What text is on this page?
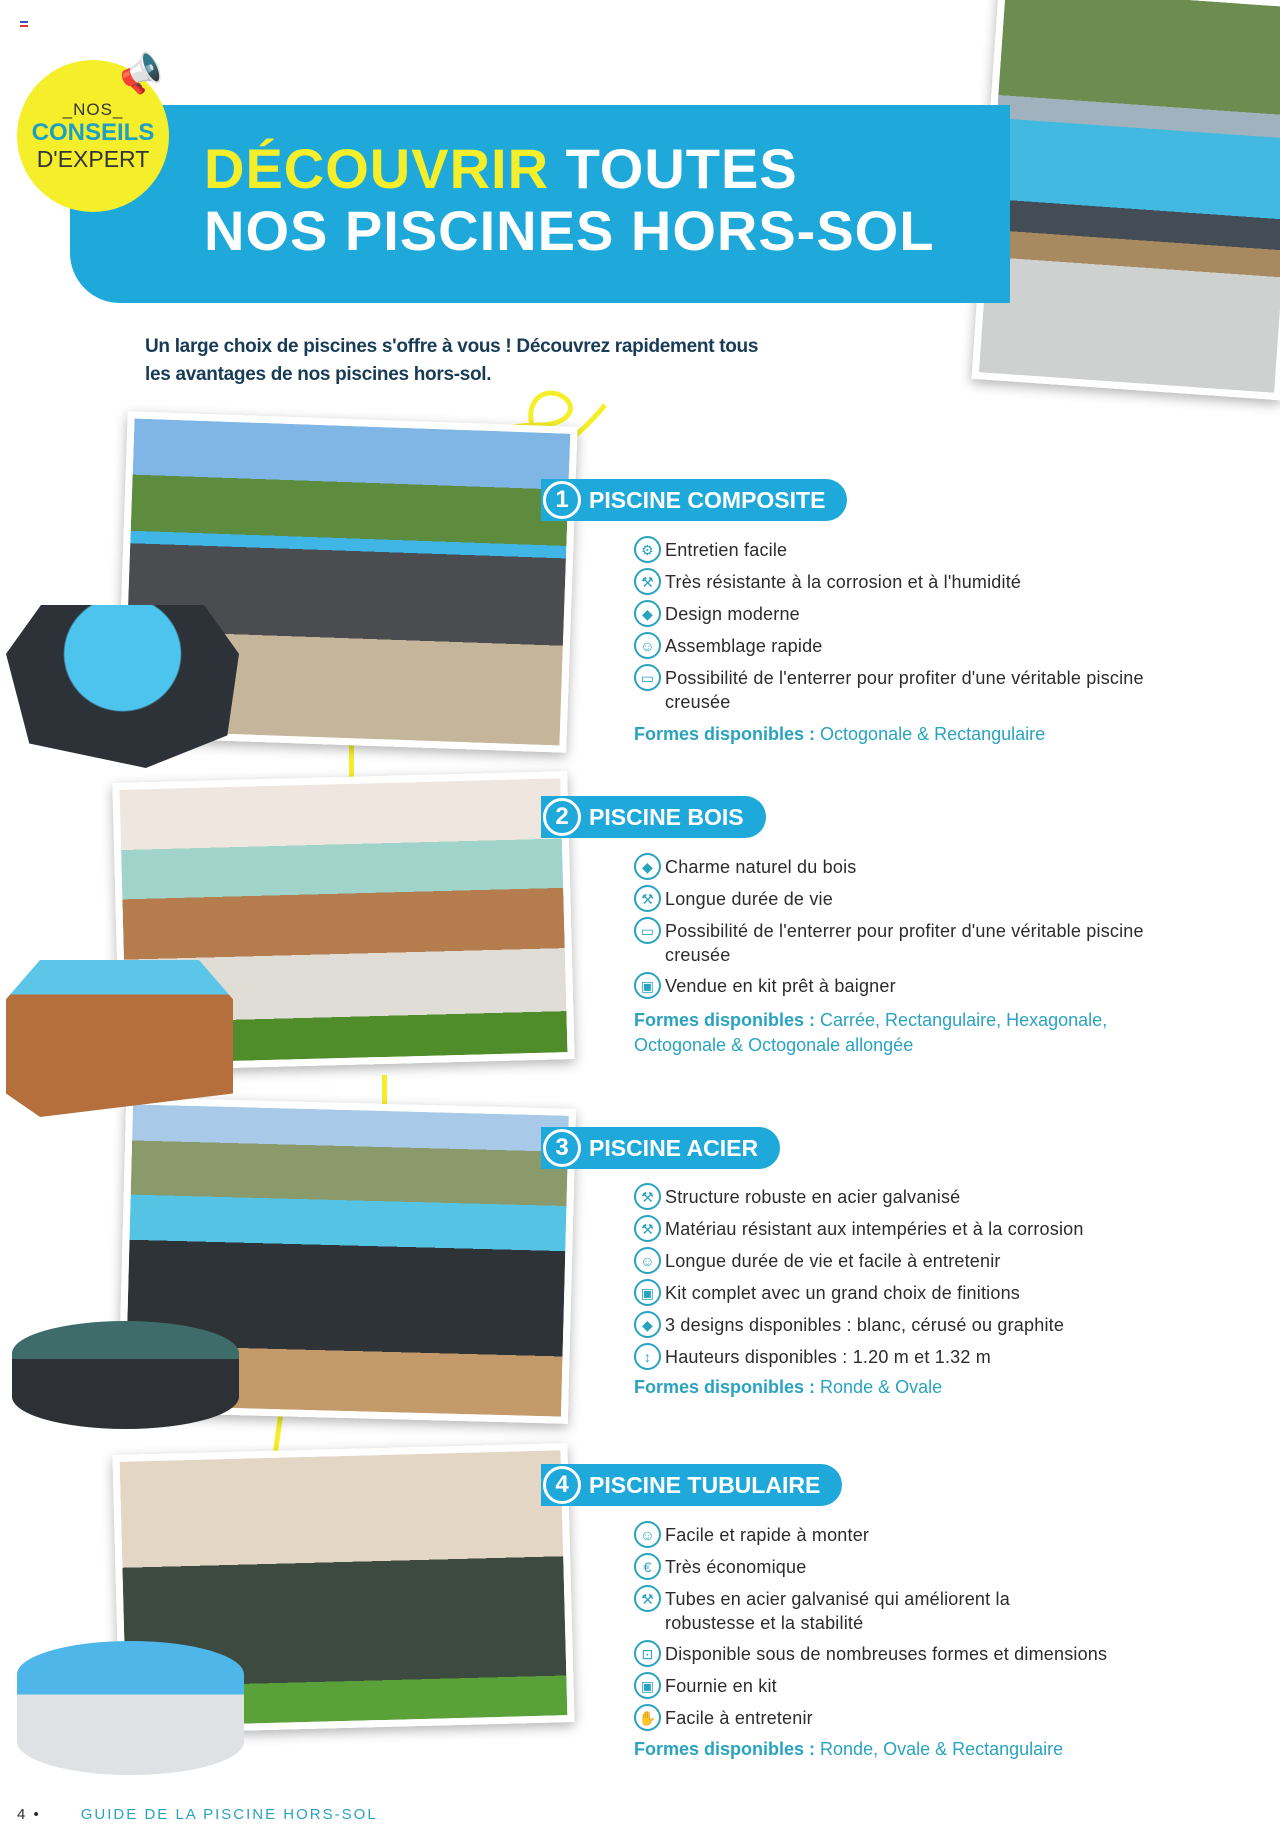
📢
_NOS_
CONSEILS
D'EXPERT DÉCOUVRIR TOUTES
NOS PISCINES HORS-SOL
Un large choix de piscines s'offre à vous ! Découvrez rapidement tous
les avantages de nos piscines hors-sol.
1 PISCINE COMPOSITE
⚙ Entretien facile
⚒ Très résistante à la corrosion et à l'humidité
◆ Design moderne
☺ Assemblage rapide
▭ Possibilité de l'enterrer pour profiter d'une véritable piscine creusée
Formes disponibles : Octogonale & Rectangulaire
2 PISCINE BOIS
◆ Charme naturel du bois
⚒ Longue durée de vie
▭ Possibilité de l'enterrer pour profiter d'une véritable piscine creusée
▣ Vendue en kit prêt à baigner
Formes disponibles : Carrée, Rectangulaire, Hexagonale, Octogonale & Octogonale allongée
3 PISCINE ACIER
⚒ Structure robuste en acier galvanisé
⚒ Matériau résistant aux intempéries et à la corrosion
☺ Longue durée de vie et facile à entretenir
▣ Kit complet avec un grand choix de finitions
◆ 3 designs disponibles : blanc, cérusé ou graphite
↕ Hauteurs disponibles : 1.20 m et 1.32 m
Formes disponibles : Ronde & Ovale
4 PISCINE TUBULAIRE
☺ Facile et rapide à monter
€ Très économique
⚒ Tubes en acier galvanisé qui améliorent la robustesse et la stabilité
⊡ Disponible sous de nombreuses formes et dimensions
▣ Fournie en kit
✋ Facile à entretenir
Formes disponibles : Ronde, Ovale & Rectangulaire
4 •	GUIDE DE LA PISCINE HORS-SOL
